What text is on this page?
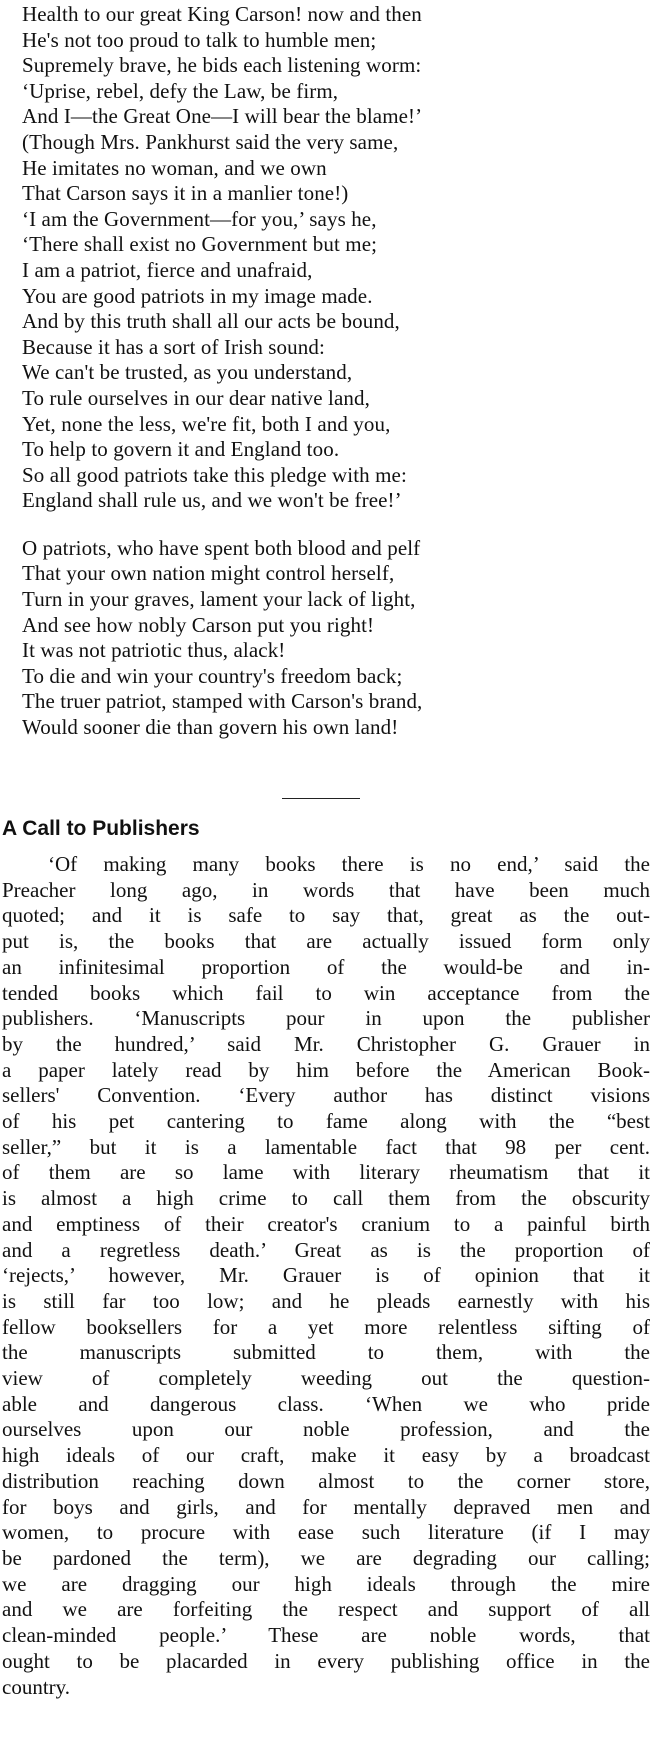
Health to our great King Carson! now and then
He's not too proud to talk to humble men;
Supremely brave, he bids each listening worm:
‘Uprise, rebel, defy the Law, be firm,
And I—the Great One—I will bear the blame!’
(Though Mrs. Pankhurst said the very same,
He imitates no woman, and we own
That Carson says it in a manlier tone!)
‘I am the Government—for you,’ says he,
‘There shall exist no Government but me;
I am a patriot, fierce and unafraid,
You are good patriots in my image made.
And by this truth shall all our acts be bound,
Because it has a sort of Irish sound:
We can't be trusted, as you understand,
To rule ourselves in our dear native land,
Yet, none the less, we're fit, both I and you,
To help to govern it and England too.
So all good patriots take this pledge with me:
England shall rule us, and we won't be free!’
O patriots, who have spent both blood and pelf
That your own nation might control herself,
Turn in your graves, lament your lack of light,
And see how nobly Carson put you right!
It was not patriotic thus, alack!
To die and win your country's freedom back;
The truer patriot, stamped with Carson's brand,
Would sooner die than govern his own land!
A Call to Publishers
‘Of making many books there is no end,’ said the
Preacher long ago, in words that have been much
quoted; and it is safe to say that, great as the out-
put is, the books that are actually issued form only
an infinitesimal proportion of the would-be and in-
tended books which fail to win acceptance from the
publishers. ‘Manuscripts pour in upon the publisher
by the hundred,’ said Mr. Christopher G. Grauer in
a paper lately read by him before the American Book-
sellers' Convention. ‘Every author has distinct visions
of his pet cantering to fame along with the “best
seller,” but it is a lamentable fact that 98 per cent.
of them are so lame with literary rheumatism that it
is almost a high crime to call them from the obscurity
and emptiness of their creator's cranium to a painful birth
and a regretless death.’ Great as is the proportion of
‘rejects,’ however, Mr. Grauer is of opinion that it
is still far too low; and he pleads earnestly with his
fellow booksellers for a yet more relentless sifting of
the manuscripts submitted to them, with the
view of completely weeding out the question-
able and dangerous class. ‘When we who pride
ourselves upon our noble profession, and the
high ideals of our craft, make it easy by a broadcast
distribution reaching down almost to the corner store,
for boys and girls, and for mentally depraved men and
women, to procure with ease such literature (if I may
be pardoned the term), we are degrading our calling;
we are dragging our high ideals through the mire
and we are forfeiting the respect and support of all
clean-minded people.’ These are noble words, that
ought to be placarded in every publishing office in the
country.
